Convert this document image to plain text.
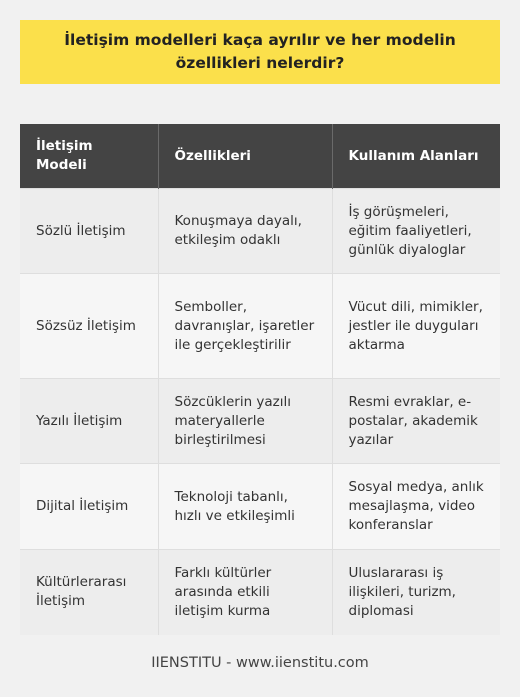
İletişim modelleri kaça ayrılır ve her modelin özellikleri nelerdir?
İletişim Modeli	Özellikleri	Kullanım Alanları
Sözlü İletişim	Konuşmaya dayalı, etkileşim odaklı	İş görüşmeleri, eğitim faaliyetleri, günlük diyaloglar
Sözsüz İletişim	Semboller, davranışlar, işaretler ile gerçekleştirilir	Vücut dili, mimikler, jestler ile duyguları aktarma
Yazılı İletişim	Sözcüklerin yazılı materyallerle birleştirilmesi	Resmi evraklar, e-postalar, akademik yazılar
Dijital İletişim	Teknoloji tabanlı, hızlı ve etkileşimli	Sosyal medya, anlık mesajlaşma, video konferanslar
Kültürlerarası İletişim	Farklı kültürler arasında etkili iletişim kurma	Uluslararası iş ilişkileri, turizm, diplomasi
IIENSTITU - www.iienstitu.com
